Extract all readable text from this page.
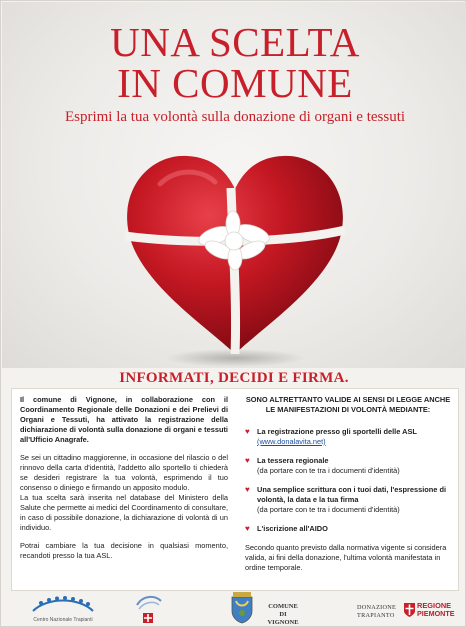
UNA SCELTA
IN COMUNE
Esprimi la tua volontà sulla donazione di organi e tessuti
INFORMATI, DECIDI E FIRMA.

Il comune di Vignone, in collaborazione con il Coordinamento Regionale delle Donazioni e dei Prelievi di Organi e Tessuti, ha attivato la registrazione della dichiarazione di volontà sulla donazione di organi e tessuti all'Ufficio Anagrafe.

Se sei un cittadino maggiorenne, in occasione del rilascio o del rinnovo della carta d'identità, l'addetto allo sportello ti chiederà se desideri registrare la tua volontà, esprimendo il tuo consenso o diniego e firmando un apposito modulo.

La tua scelta sarà inserita nel database del Ministero della Salute che permette ai medici del Coordinamento di consultare, in caso di possibile donazione, la dichiarazione di volontà di un individuo.

Potrai cambiare la tua decisione in qualsiasi momento, recandoti presso la tua ASL.

SONO ALTRETTANTO VALIDE AI SENSI DI LEGGE ANCHE LE MANIFESTAZIONI DI VOLONTÀ MEDIANTE:
♥ La registrazione presso gli sportelli delle ASL
(www.donalavita.net)
♥ La tessera regionale
(da portare con te tra i documenti d'identità)
♥ Una semplice scrittura con i tuoi dati, l'espressione di volontà, la data e la tua firma
(da portare con te tra i documenti d'identità)
♥ L'iscrizione all'AIDO

Secondo quanto previsto dalla normativa vigente si considera valida, ai fini della donazione, l'ultima volontà manifestata in ordine temporale.

Centro Nazionale Trapianti
COMUNE DI
VIGNONE
DONAZIONE
TRAPIANTO
REGIONE
PIEMONTE
